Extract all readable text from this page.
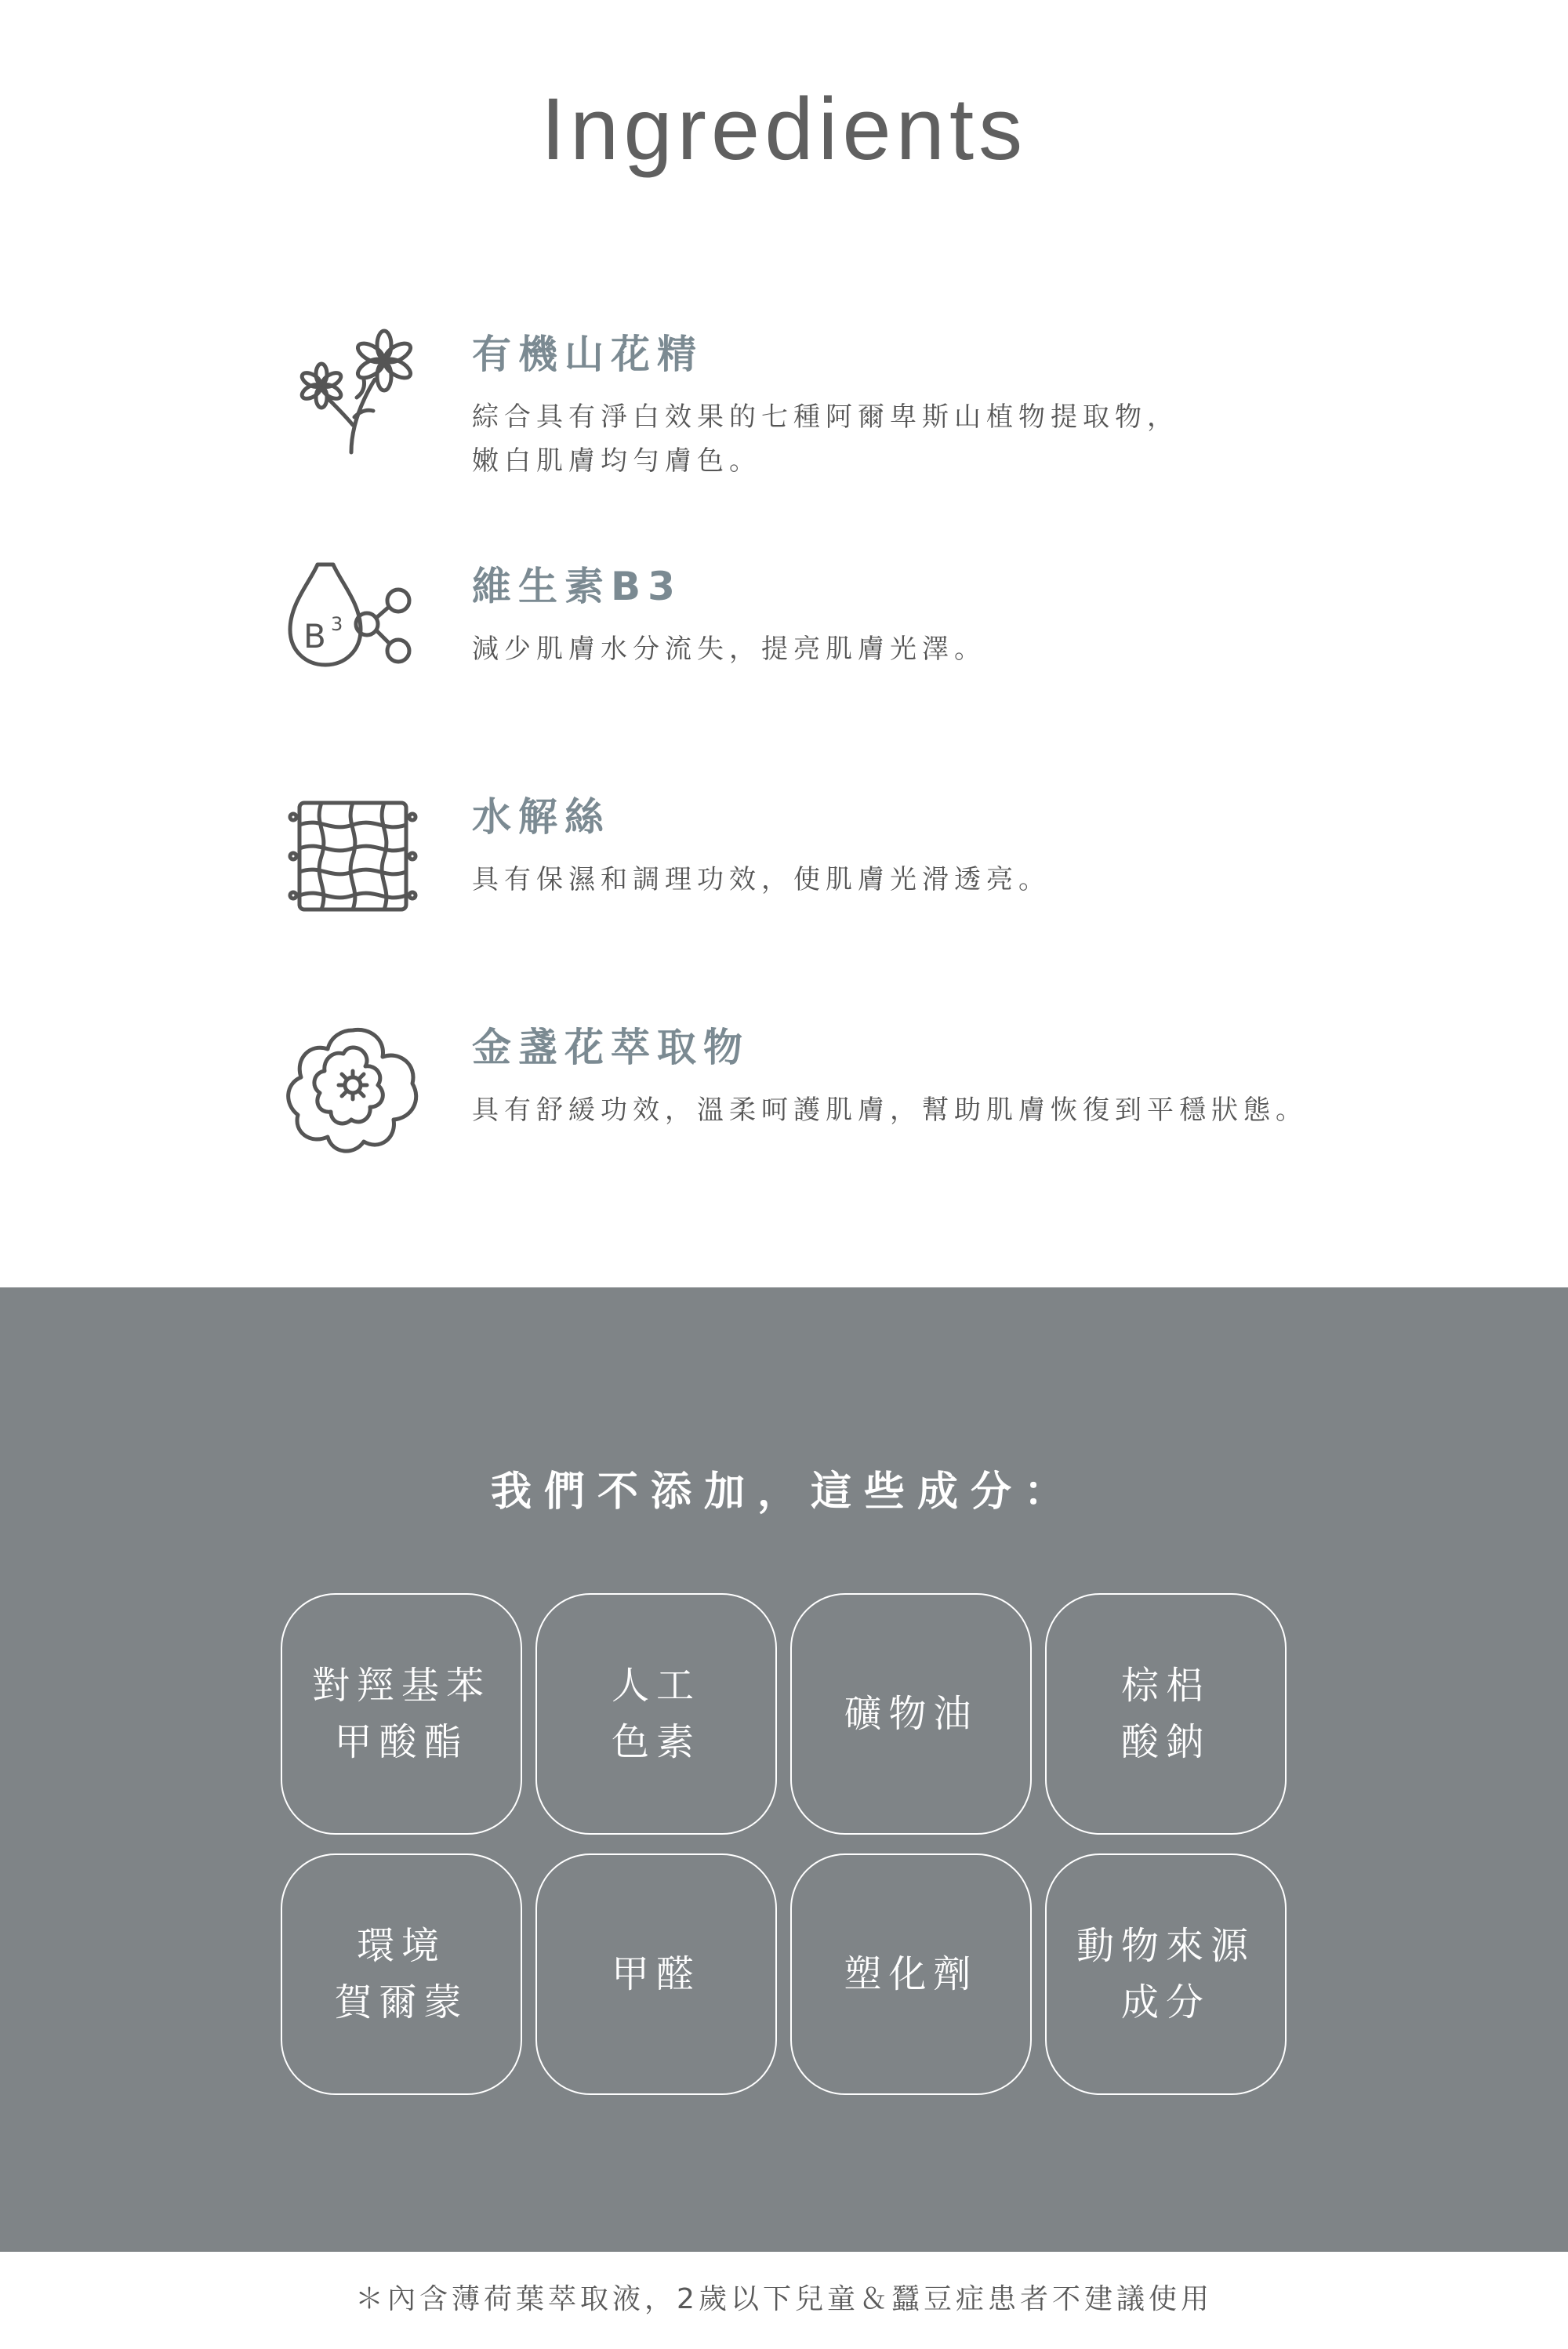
Ingredients
有機山花精
綜合具有淨白效果的七種阿爾卑斯山植物提取物，
嫩白肌膚均勻膚色。
B 3
維生素B3
減少肌膚水分流失，提亮肌膚光澤。
水解絲
具有保濕和調理功效，使肌膚光滑透亮。
金盞花萃取物
具有舒緩功效，溫柔呵護肌膚，幫助肌膚恢復到平穩狀態。
我們不添加，這些成分：
對羥基苯
甲酸酯
人工
色素
礦物油
棕梠
酸鈉
環境
賀爾蒙
甲醛	塑化劑
動物來源
成分
＊內含薄荷葉萃取液，2歲以下兒童＆蠶豆症患者不建議使用
